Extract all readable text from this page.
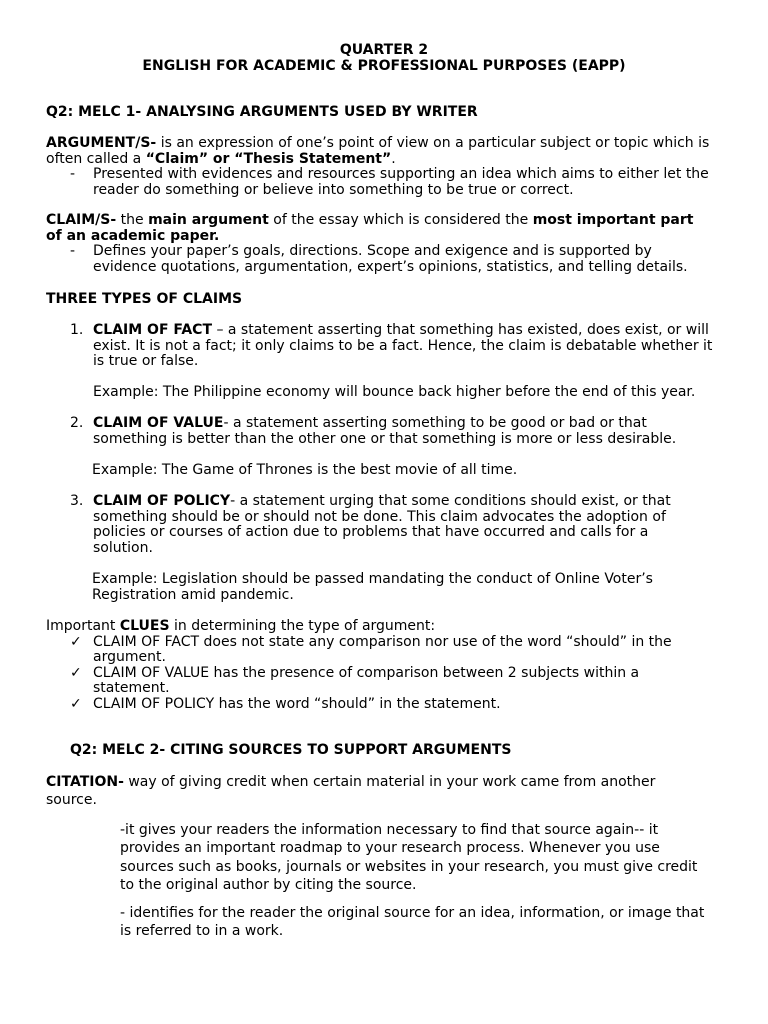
QUARTER 2
ENGLISH FOR ACADEMIC & PROFESSIONAL PURPOSES (EAPP)
Q2: MELC 1- ANALYSING ARGUMENTS USED BY WRITER
ARGUMENT/S- is an expression of one’s point of view on a particular subject or topic which is
often called a “Claim” or “Thesis Statement”.
- Presented with evidences and resources supporting an idea which aims to either let the
reader do something or believe into something to be true or correct.
CLAIM/S- the main argument of the essay which is considered the most important part
of an academic paper.
- Defines your paper’s goals, directions. Scope and exigence and is supported by
evidence quotations, argumentation, expert’s opinions, statistics, and telling details.
THREE TYPES OF CLAIMS
1. CLAIM OF FACT – a statement asserting that something has existed, does exist, or will
exist. It is not a fact; it only claims to be a fact. Hence, the claim is debatable whether it
is true or false.
Example: The Philippine economy will bounce back higher before the end of this year.
2. CLAIM OF VALUE- a statement asserting something to be good or bad or that
something is better than the other one or that something is more or less desirable.
Example: The Game of Thrones is the best movie of all time.
3. CLAIM OF POLICY- a statement urging that some conditions should exist, or that
something should be or should not be done. This claim advocates the adoption of
policies or courses of action due to problems that have occurred and calls for a
solution.
Example: Legislation should be passed mandating the conduct of Online Voter’s
Registration amid pandemic.
Important CLUES in determining the type of argument:
✓ CLAIM OF FACT does not state any comparison nor use of the word “should” in the
argument.
✓ CLAIM OF VALUE has the presence of comparison between 2 subjects within a
statement.
✓ CLAIM OF POLICY has the word “should” in the statement.
Q2: MELC 2- CITING SOURCES TO SUPPORT ARGUMENTS
CITATION- way of giving credit when certain material in your work came from another
source.
-it gives your readers the information necessary to find that source again-- it
provides an important roadmap to your research process. Whenever you use
sources such as books, journals or websites in your research, you must give credit
to the original author by citing the source.
- identifies for the reader the original source for an idea, information, or image that
is referred to in a work.
